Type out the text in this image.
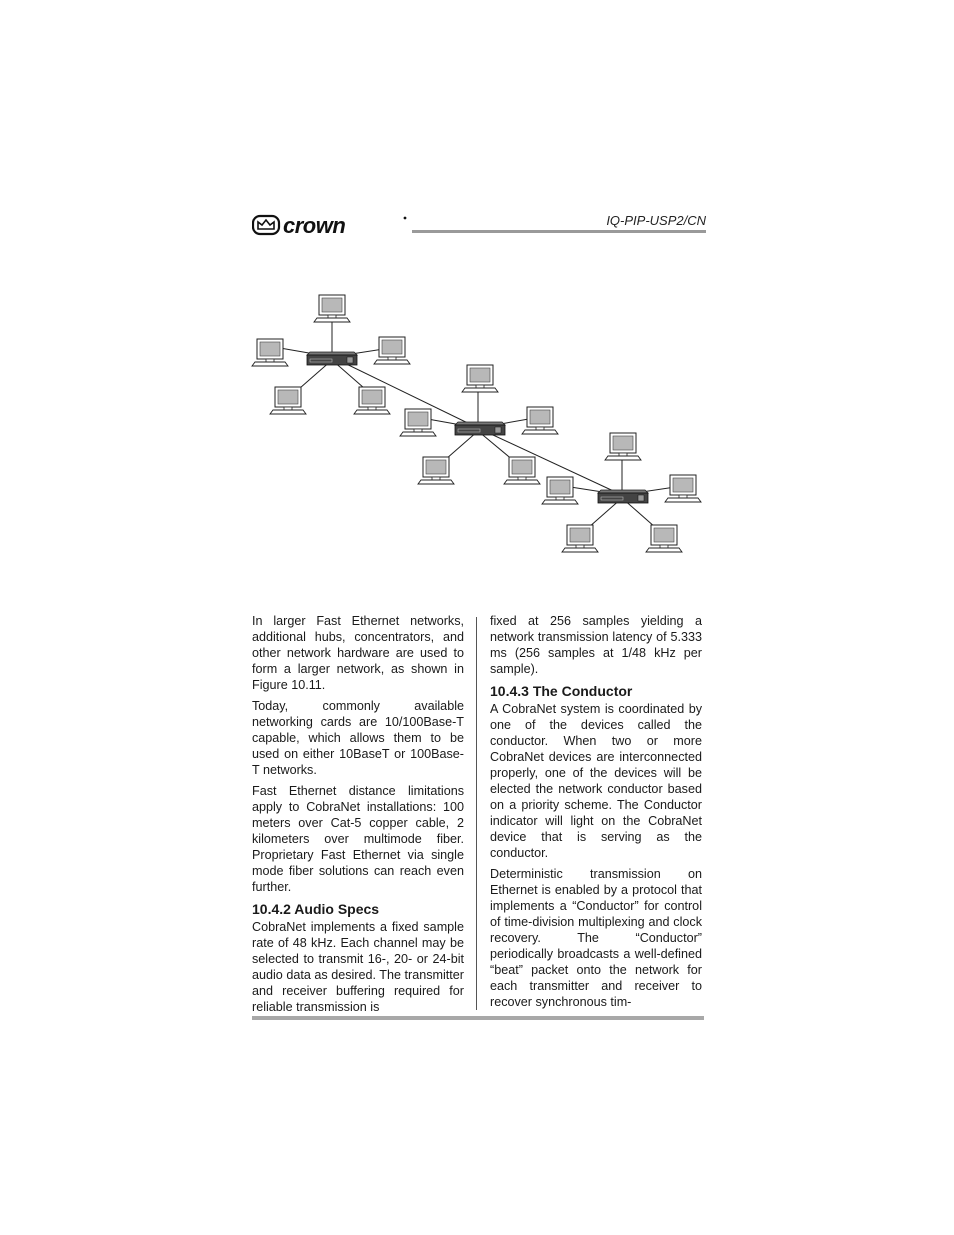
crown	IQ-PIP-USP2/CN

In larger Fast Ethernet networks, additional hubs, concentrators, and other network hardware are used to form a larger network, as shown in Figure 10.11.

Today, commonly available networking cards are 10/100Base-T capable, which allows them to be used on either 10BaseT or 100Base-T networks.

Fast Ethernet distance limitations apply to CobraNet installations: 100 meters over Cat-5 copper cable, 2 kilometers over multimode fiber. Proprietary Fast Ethernet via single mode fiber solutions can reach even further.

10.4.2 Audio Specs

CobraNet implements a fixed sample rate of 48 kHz. Each channel may be selected to transmit 16-, 20- or 24-bit audio data as desired. The transmitter and receiver buffering required for reliable transmission is

fixed at 256 samples yielding a network transmission latency of 5.333 ms (256 samples at 1/48 kHz per sample).

10.4.3 The Conductor

A CobraNet system is coordinated by one of the devices called the conductor. When two or more CobraNet devices are interconnected properly, one of the devices will be elected the network conductor based on a priority scheme. The Conductor indicator will light on the CobraNet device that is serving as the conductor.

Deterministic transmission on Ethernet is enabled by a protocol that implements a “Conductor” for control of time-division multiplexing and clock recovery. The “Conductor” periodically broadcasts a well-defined “beat” packet onto the network for each transmitter and receiver to recover synchronous tim-
